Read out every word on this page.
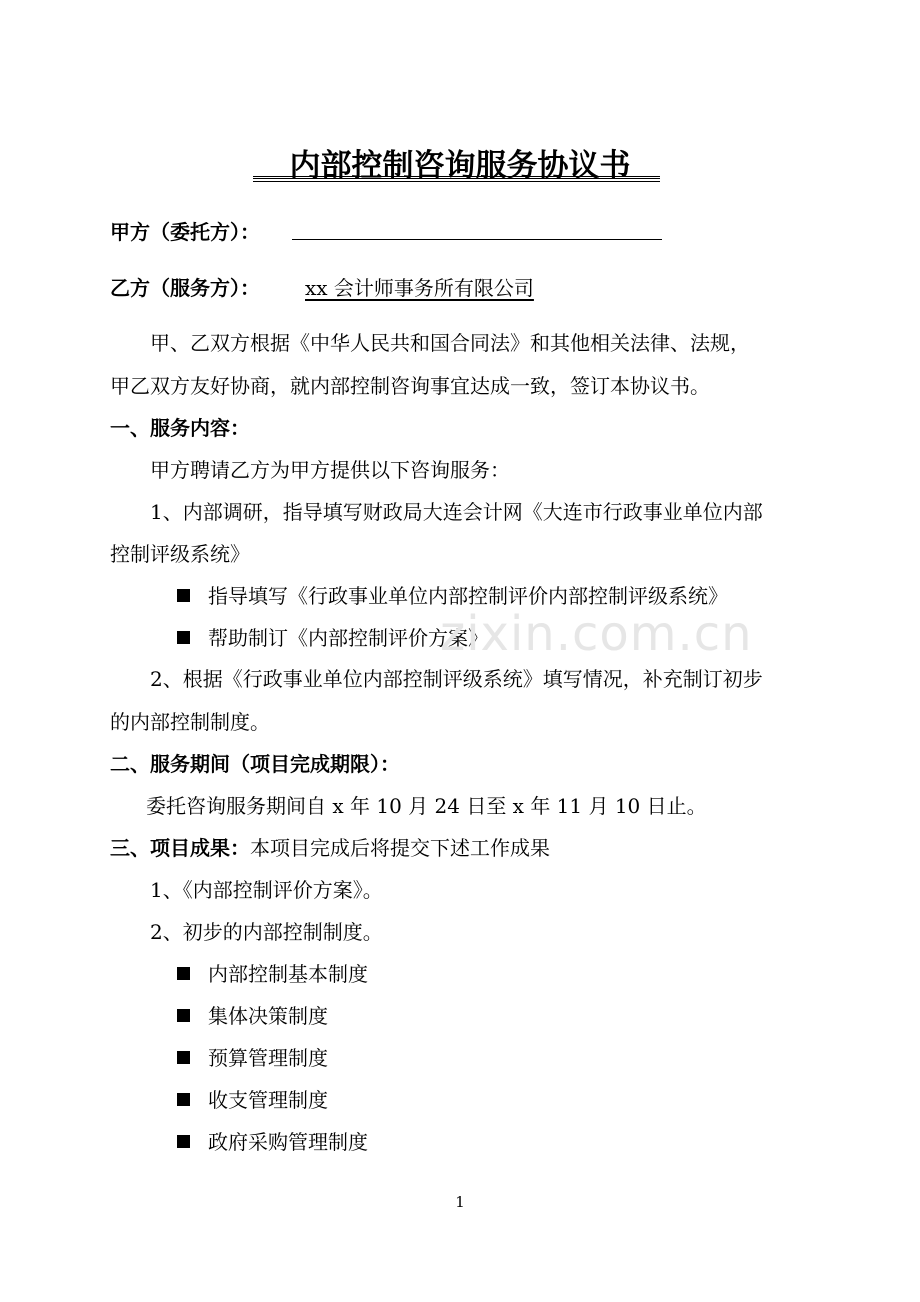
内部控制咨询服务协议书
甲方（委托方）：
乙方（服务方）： xx 会计师事务所有限公司
甲、乙双方根据《中华人民共和国合同法》和其他相关法律、法规，
甲乙双方友好协商，就内部控制咨询事宜达成一致，签订本协议书。
一、服务内容：
甲方聘请乙方为甲方提供以下咨询服务：
1、内部调研，指导填写财政局大连会计网《大连市行政事业单位内部
控制评级系统》
指导填写《行政事业单位内部控制评价内部控制评级系统》
帮助制订《内部控制评价方案》
2、根据《行政事业单位内部控制评级系统》填写情况，补充制订初步
的内部控制制度。
二、服务期间（项目完成期限）：
委托咨询服务期间自 x 年 10 月 24 日至 x 年 11 月 10 日止。
三、项目成果：本项目完成后将提交下述工作成果
1、《内部控制评价方案》。
2、初步的内部控制制度。
内部控制基本制度
集体决策制度
预算管理制度
收支管理制度
政府采购管理制度
zixin.com.cn
1
